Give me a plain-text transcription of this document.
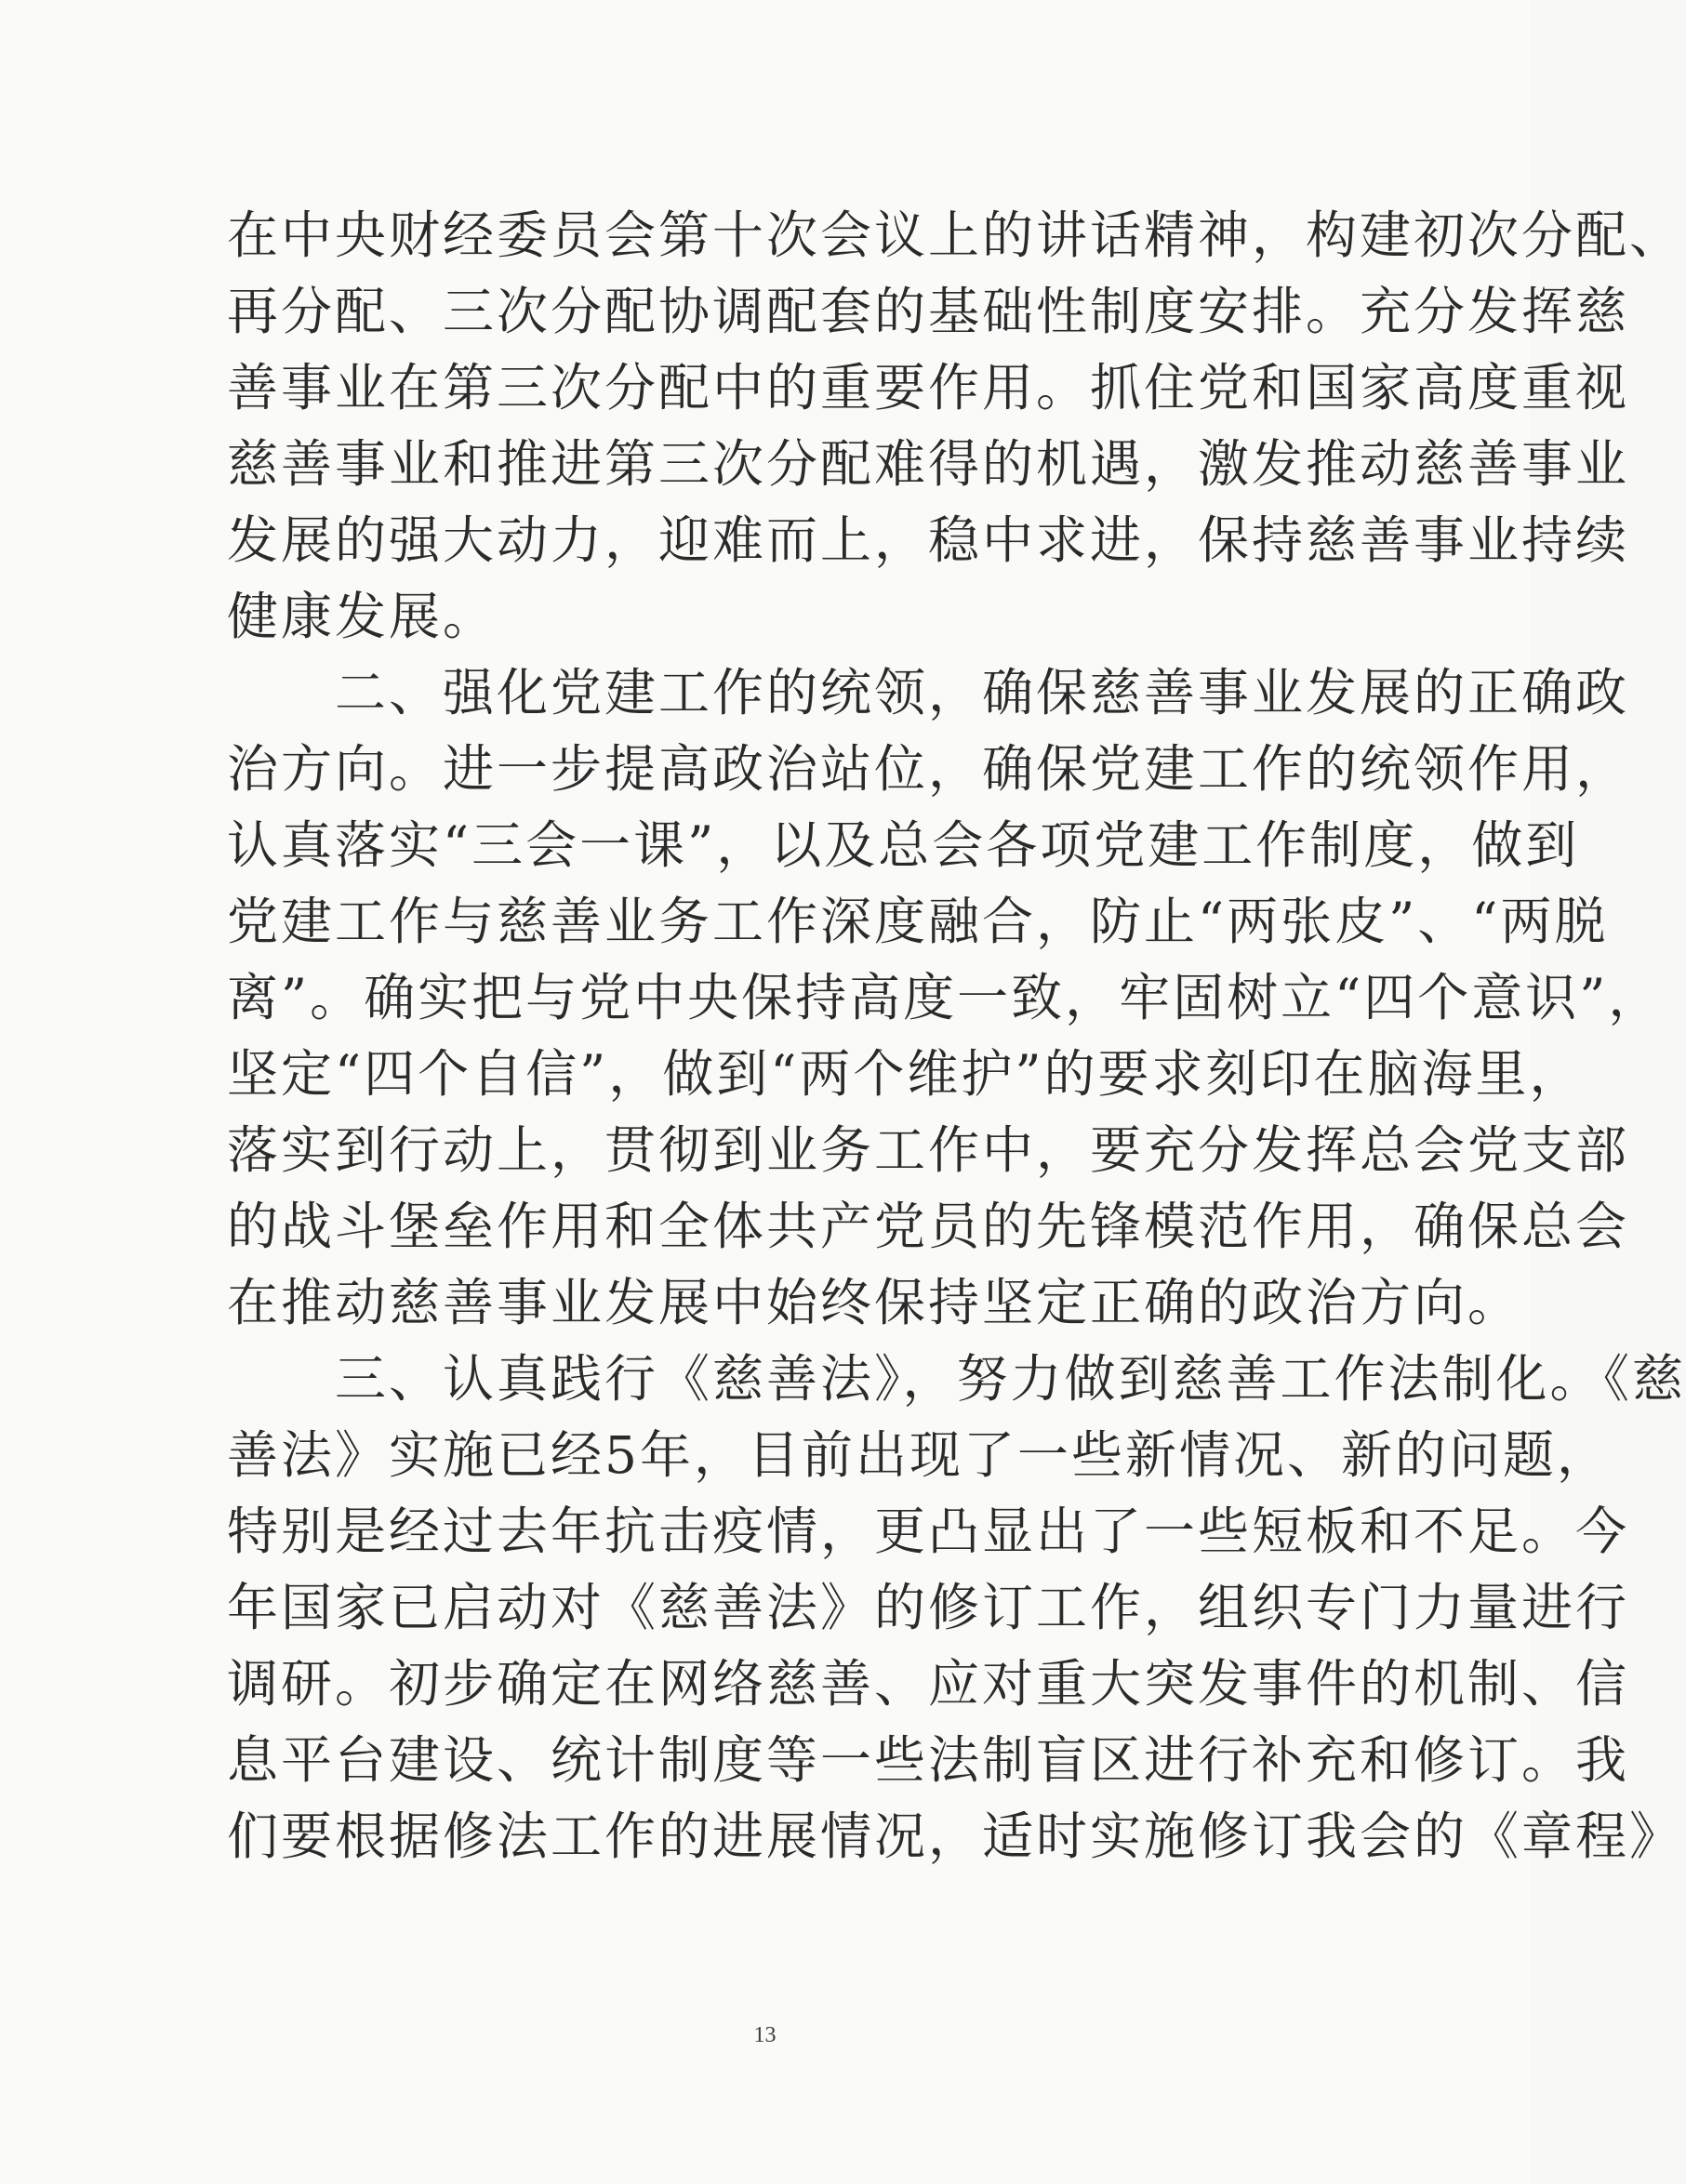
在中央财经委员会第十次会议上的讲话精神，构建初次分配、
再分配、三次分配协调配套的基础性制度安排。充分发挥慈
善事业在第三次分配中的重要作用。抓住党和国家高度重视
慈善事业和推进第三次分配难得的机遇，激发推动慈善事业
发展的强大动力，迎难而上，稳中求进，保持慈善事业持续
健康发展。
　　二、强化党建工作的统领，确保慈善事业发展的正确政
治方向。进一步提高政治站位，确保党建工作的统领作用，
认真落实“三会一课”，以及总会各项党建工作制度，做到
党建工作与慈善业务工作深度融合，防止“两张皮”、“两脱
离”。确实把与党中央保持高度一致，牢固树立“四个意识”，
坚定“四个自信”，做到“两个维护”的要求刻印在脑海里，
落实到行动上，贯彻到业务工作中，要充分发挥总会党支部
的战斗堡垒作用和全体共产党员的先锋模范作用，确保总会
在推动慈善事业发展中始终保持坚定正确的政治方向。
　　三、认真践行《慈善法》，努力做到慈善工作法制化。《慈
善法》实施已经5年，目前出现了一些新情况、新的问题，
特别是经过去年抗击疫情，更凸显出了一些短板和不足。今
年国家已启动对《慈善法》的修订工作，组织专门力量进行
调研。初步确定在网络慈善、应对重大突发事件的机制、信
息平台建设、统计制度等一些法制盲区进行补充和修订。我
们要根据修法工作的进展情况，适时实施修订我会的《章程》
13
